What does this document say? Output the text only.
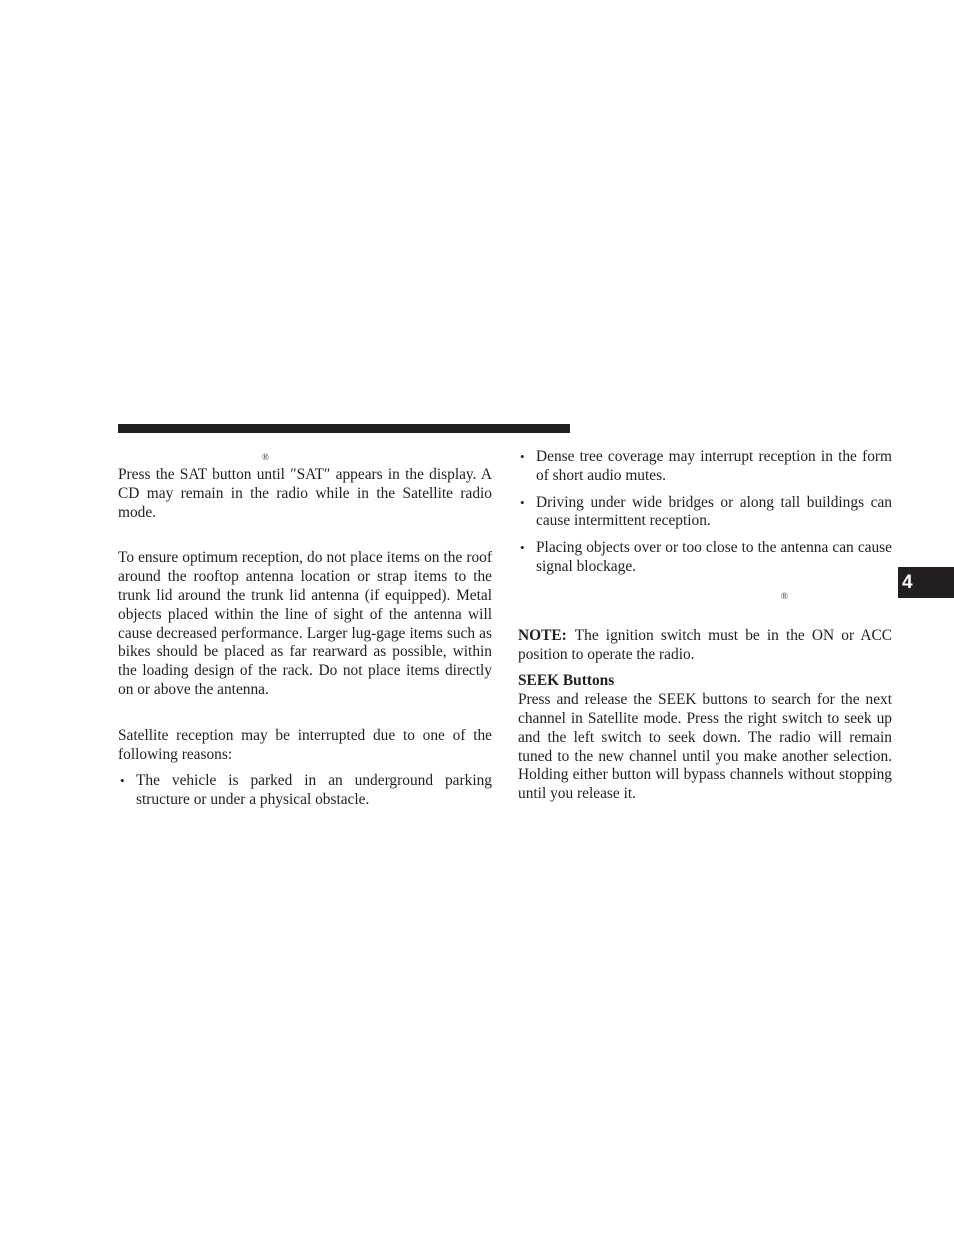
®

Press the SAT button until ″SAT″ appears in the display. A CD may remain in the radio while in the Satellite radio mode.

To ensure optimum reception, do not place items on the roof around the rooftop antenna location or strap items to the trunk lid around the trunk lid antenna (if equipped). Metal objects placed within the line of sight of the antenna will cause decreased performance. Larger lug-gage items such as bikes should be placed as far rearward as possible, within the loading design of the rack. Do not place items directly on or above the antenna.

Satellite reception may be interrupted due to one of the following reasons:

• The vehicle is parked in an underground parking structure or under a physical obstacle.
• Dense tree coverage may interrupt reception in the form of short audio mutes.
• Driving under wide bridges or along tall buildings can cause intermittent reception.
• Placing objects over or too close to the antenna can cause signal blockage.
®

NOTE: The ignition switch must be in the ON or ACC position to operate the radio.

SEEK Buttons

Press and release the SEEK buttons to search for the next channel in Satellite mode. Press the right switch to seek up and the left switch to seek down. The radio will remain tuned to the new channel until you make another selection. Holding either button will bypass channels without stopping until you release it.

4
